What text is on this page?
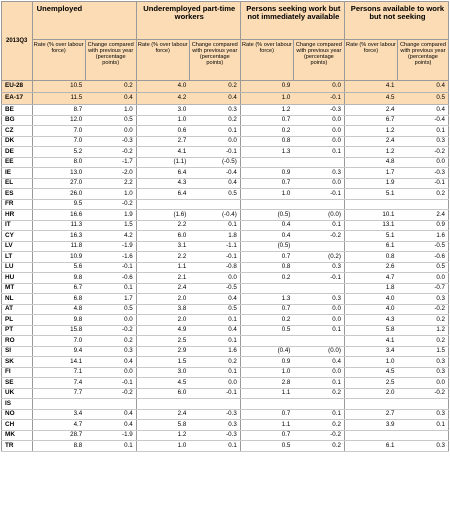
2013Q3	Unemployed		Underemployed part-time workers		Persons seeking work but not immediately available		Persons available to work but not seeking	
	Rate (% over labour force)	Change compared with previous year (percentage points)	Rate (% over labour force)	Change compared with previous year (percentage points)	Rate (% over labour force)	Change compared with previous year (percentage points)	Rate (% over labour force)	Change compared with previous year (percentage points)
EU-28	10.5	0.2	4.0	0.2	0.9	0.0	4.1	0.4
EA-17	11.5	0.4	4.2	0.4	1.0	-0.1	4.5	0.5
BE	8.7	1.0	3.0	0.3	1.2	-0.3	2.4	0.4
BG	12.0	0.5	1.0	0.2	0.7	0.0	6.7	-0.4
CZ	7.0	0.0	0.6	0.1	0.2	0.0	1.2	0.1
DK	7.0	-0.3	2.7	0.0	0.8	0.0	2.4	0.3
DE	5.2	-0.2	4.1	-0.1	1.3	0.1	1.2	-0.2
EE	8.0	-1.7	(1.1)	(-0.5)			4.8	0.0
IE	13.0	-2.0	6.4	-0.4	0.9	0.3	1.7	-0.3
EL	27.0	2.2	4.3	0.4	0.7	0.0	1.9	-0.1
ES	26.0	1.0	6.4	0.5	1.0	-0.1	5.1	0.2
FR	9.5	-0.2						
HR	16.6	1.9	(1.6)	(-0.4)	(0.5)	(0.0)	10.1	2.4
IT	11.3	1.5	2.2	0.1	0.4	0.1	13.1	0.9
CY	16.3	4.2	6.0	1.8	0.4	-0.2	5.1	1.6
LV	11.8	-1.9	3.1	-1.1	(0.5)		6.1	-0.5
LT	10.9	-1.6	2.2	-0.1	0.7	(0.2)	0.8	-0.6
LU	5.6	-0.1	1.1	-0.8	0.8	0.3	2.6	0.5
HU	9.8	-0.6	2.1	0.0	0.2	-0.1	4.7	0.0
MT	6.7	0.1	2.4	-0.5			1.8	-0.7
NL	6.8	1.7	2.0	0.4	1.3	0.3	4.0	0.3
AT	4.8	0.5	3.8	0.5	0.7	0.0	4.0	-0.2
PL	9.8	0.0	2.0	0.1	0.2	0.0	4.3	0.2
PT	15.8	-0.2	4.9	0.4	0.5	0.1	5.8	1.2
RO	7.0	0.2	2.5	0.1			4.1	0.2
SI	9.4	0.3	2.9	1.6	(0.4)	(0.0)	3.4	1.5
SK	14.1	0.4	1.5	0.2	0.9	0.4	1.0	0.3
FI	7.1	0.0	3.0	0.1	1.0	0.0	4.5	0.3
SE	7.4	-0.1	4.5	0.0	2.8	0.1	2.5	0.0
UK	7.7	-0.2	6.0	-0.1	1.1	0.2	2.0	-0.2
IS								
NO	3.4	0.4	2.4	-0.3	0.7	0.1	2.7	0.3
CH	4.7	0.4	5.8	0.3	1.1	0.2	3.9	0.1
MK	28.7	-1.9	1.2	-0.3	0.7	-0.2		
TR	8.8	0.1	1.0	0.1	0.5	0.2	6.1	0.3
